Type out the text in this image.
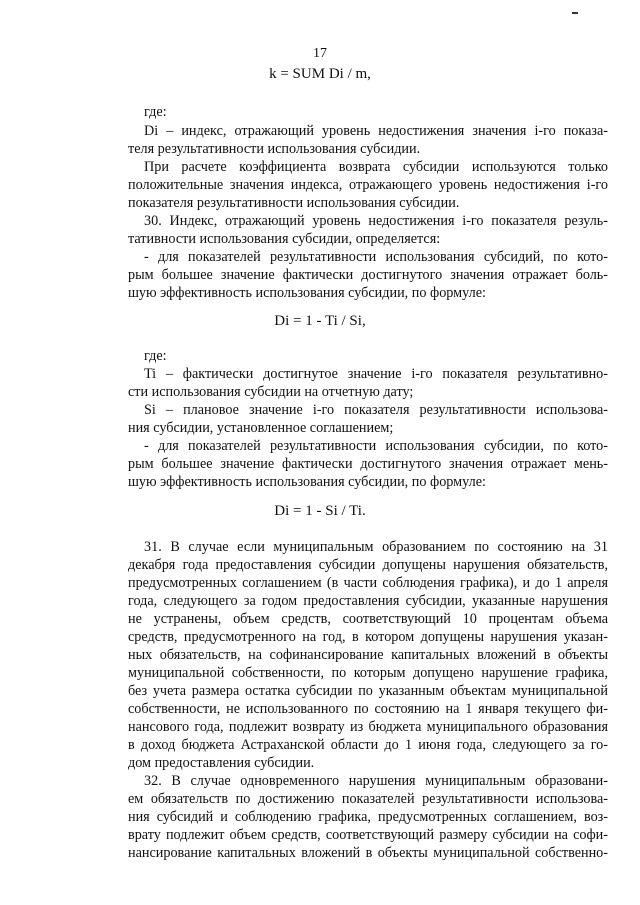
17
k = SUM Di / m,
где:
Di – индекс, отражающий уровень недостижения значения i-го показа-
теля результативности использования субсидии.
При расчете коэффициента возврата субсидии используются только
положительные значения индекса, отражающего уровень недостижения i-го
показателя результативности использования субсидии.
30. Индекс, отражающий уровень недостижения i-го показателя резуль-
тативности использования субсидии, определяется:
- для показателей результативности использования субсидий, по кото-
рым большее значение фактически достигнутого значения отражает боль-
шую эффективность использования субсидии, по формуле:
Di = 1 - Ti / Si,
где:
Ti – фактически достигнутое значение i-го показателя результативно-
сти использования субсидии на отчетную дату;
Si – плановое значение i-го показателя результативности использова-
ния субсидии, установленное соглашением;
- для показателей результативности использования субсидии, по кото-
рым большее значение фактически достигнутого значения отражает мень-
шую эффективность использования субсидии, по формуле:
Di = 1 - Si / Ti.
31. В случае если муниципальным образованием по состоянию на 31
декабря года предоставления субсидии допущены нарушения обязательств,
предусмотренных соглашением (в части соблюдения графика), и до 1 апреля
года, следующего за годом предоставления субсидии, указанные нарушения
не устранены, объем средств, соответствующий 10 процентам объема
средств, предусмотренного на год, в котором допущены нарушения указан-
ных обязательств, на софинансирование капитальных вложений в объекты
муниципальной собственности, по которым допущено нарушение графика,
без учета размера остатка субсидии по указанным объектам муниципальной
собственности, не использованного по состоянию на 1 января текущего фи-
нансового года, подлежит возврату из бюджета муниципального образования
в доход бюджета Астраханской области до 1 июня года, следующего за го-
дом предоставления субсидии.
32. В случае одновременного нарушения муниципальным образовани-
ем обязательств по достижению показателей результативности использова-
ния субсидий и соблюдению графика, предусмотренных соглашением, воз-
врату подлежит объем средств, соответствующий размеру субсидии на софи-
нансирование капитальных вложений в объекты муниципальной собственно-
